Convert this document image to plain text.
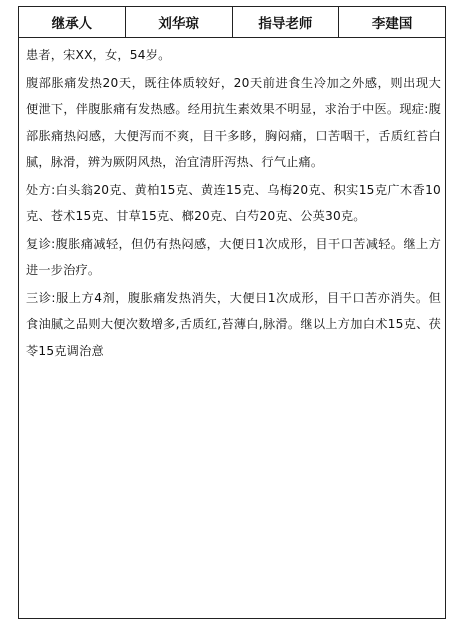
继承人	刘华琼	指导老师	李建国

患者，宋XX，女，54岁。

腹部胀痛发热20天，既往体质较好，20天前进食生冷加之外感，则出现大便泄下，伴腹胀痛有发热感。经用抗生素效果不明显，求治于中医。现症:腹部胀痛热闷感，大便泻而不爽，目干多眵，胸闷痛，口苦咽干，舌质红苔白腻，脉滑，辨为厥阴风热，治宜清肝泻热、行气止痛。

处方:白头翁20克、黄柏15克、黄连15克、乌梅20克、积实15克广木香10克、苍术15克、甘草15克、榔20克、白芍20克、公英30克。

复诊:腹胀痛减轻，但仍有热闷感，大便日1次成形，目干口苦减轻。继上方进一步治疗。

三诊:服上方4剂，腹胀痛发热消失，大便日1次成形，目干口苦亦消失。但食油腻之品则大便次数增多,舌质红,苔薄白,脉滑。继以上方加白术15克、茯苓15克调治意
